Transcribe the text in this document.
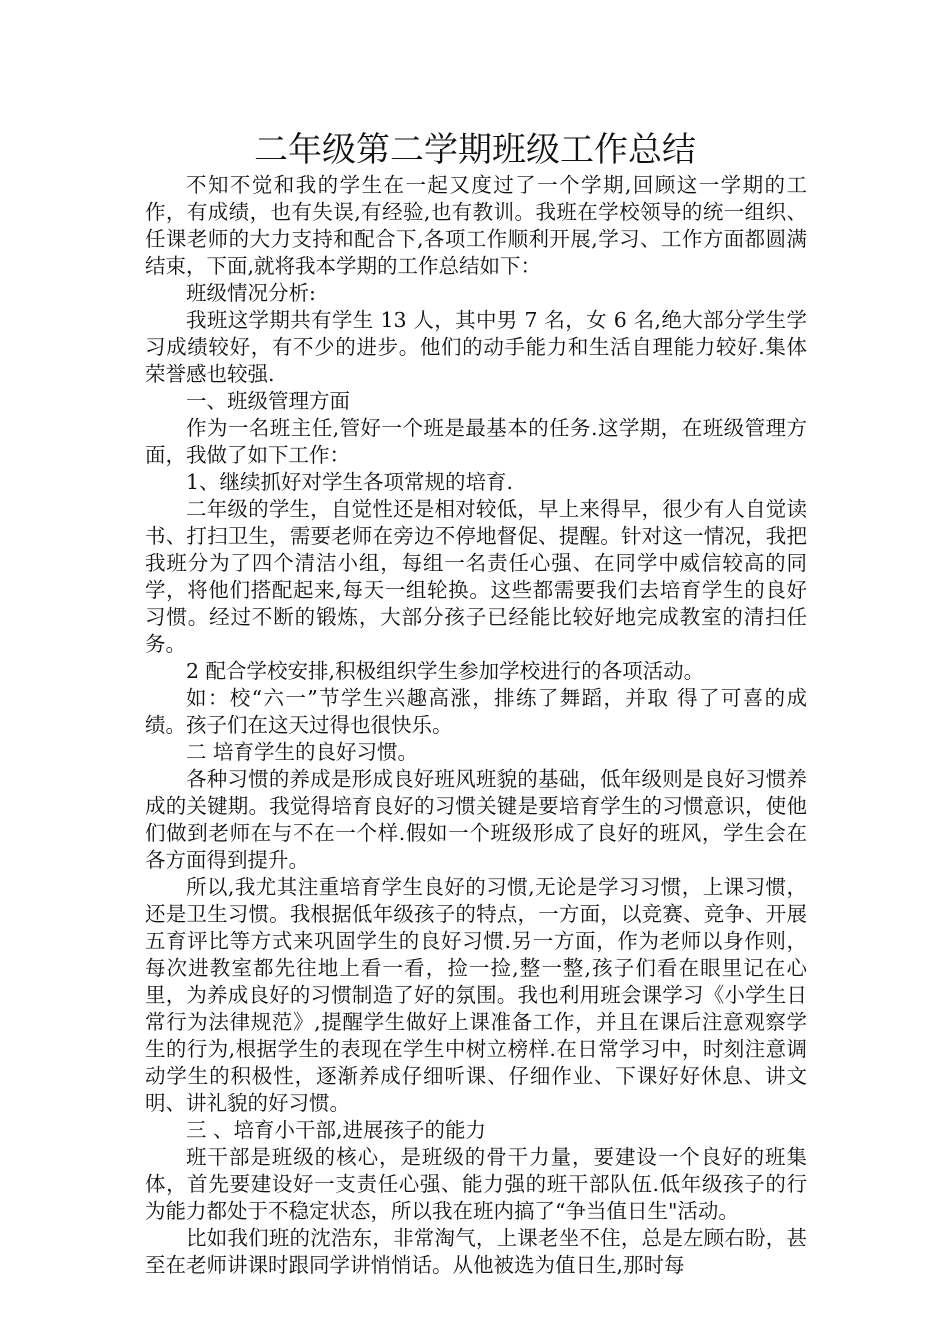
二年级第二学期班级工作总结

不知不觉和我的学生在一起又度过了一个学期,回顾这一学期的工作，有成绩，也有失误,有经验,也有教训。我班在学校领导的统一组织、任课老师的大力支持和配合下,各项工作顺利开展,学习、工作方面都圆满结束，下面,就将我本学期的工作总结如下：

班级情况分析:

我班这学期共有学生 13 人，其中男 7 名，女 6 名,绝大部分学生学习成绩较好，有不少的进步。他们的动手能力和生活自理能力较好.集体荣誉感也较强.

一、班级管理方面

作为一名班主任,管好一个班是最基本的任务.这学期，在班级管理方面，我做了如下工作：

1、继续抓好对学生各项常规的培育.

二年级的学生，自觉性还是相对较低，早上来得早，很少有人自觉读书、打扫卫生，需要老师在旁边不停地督促、提醒。针对这一情况，我把我班分为了四个清洁小组，每组一名责任心强、在同学中威信较高的同学，将他们搭配起来,每天一组轮换。这些都需要我们去培育学生的良好习惯。经过不断的锻炼，大部分孩子已经能比较好地完成教室的清扫任务。

2 配合学校安排,积极组织学生参加学校进行的各项活动。

如：校“六一”节学生兴趣高涨，排练了舞蹈，并取 得了可喜的成绩。孩子们在这天过得也很快乐。

二 培育学生的良好习惯。

各种习惯的养成是形成良好班风班貌的基础，低年级则是良好习惯养成的关键期。我觉得培育良好的习惯关键是要培育学生的习惯意识，使他们做到老师在与不在一个样.假如一个班级形成了良好的班风，学生会在各方面得到提升。

所以,我尤其注重培育学生良好的习惯,无论是学习习惯，上课习惯，还是卫生习惯。我根据低年级孩子的特点，一方面，以竞赛、竞争、开展五育评比等方式来巩固学生的良好习惯.另一方面，作为老师以身作则，每次进教室都先往地上看一看，捡一捡,整一整,孩子们看在眼里记在心里，为养成良好的习惯制造了好的氛围。我也利用班会课学习《小学生日常行为法律规范》,提醒学生做好上课准备工作，并且在课后注意观察学生的行为,根据学生的表现在学生中树立榜样.在日常学习中，时刻注意调动学生的积极性，逐渐养成仔细听课、仔细作业、下课好好休息、讲文明、讲礼貌的好习惯。

三 、培育小干部,进展孩子的能力

班干部是班级的核心，是班级的骨干力量，要建设一个良好的班集体，首先要建设好一支责任心强、能力强的班干部队伍.低年级孩子的行为能力都处于不稳定状态，所以我在班内搞了“争当值日生"活动。

比如我们班的沈浩东，非常淘气，上课老坐不住，总是左顾右盼，甚至在老师讲课时跟同学讲悄悄话。从他被选为值日生,那时每
